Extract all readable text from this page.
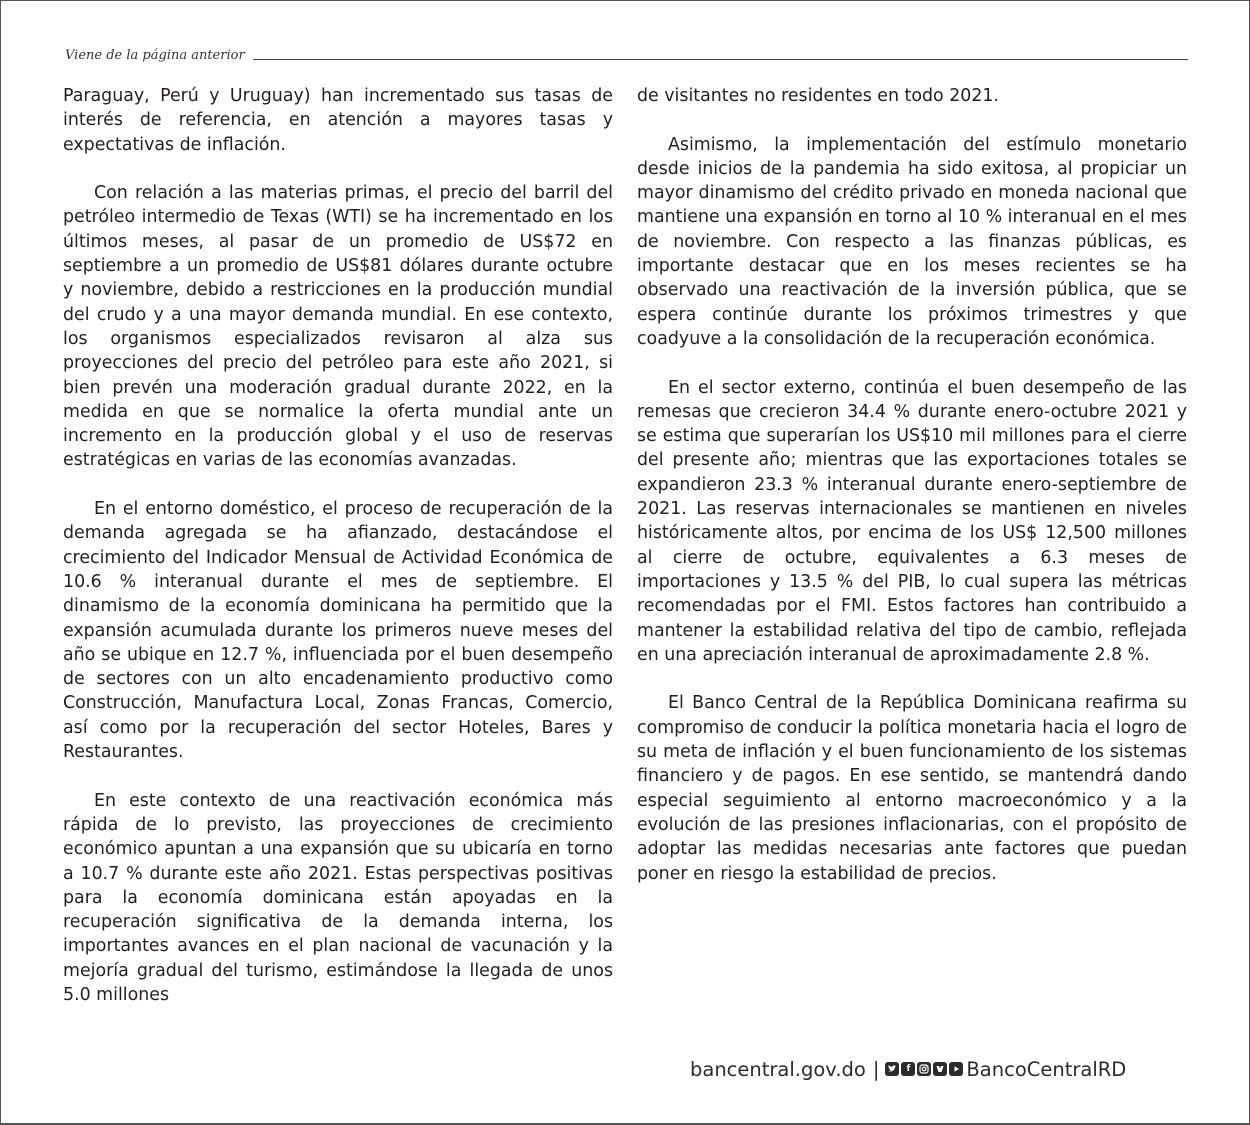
Viene de la página anterior

Paraguay, Perú y Uruguay) han incrementado sus tasas de interés de referencia, en atención a mayores tasas y expectativas de inflación.

Con relación a las materias primas, el precio del barril del petróleo intermedio de Texas (WTI) se ha incrementado en los últimos meses, al pasar de un promedio de US$72 en septiembre a un promedio de US$81 dólares durante octubre y noviembre, debido a restricciones en la producción mundial del crudo y a una mayor demanda mundial. En ese contexto, los organismos especializados revisaron al alza sus proyecciones del precio del petróleo para este año 2021, si bien prevén una moderación gradual durante 2022, en la medida en que se normalice la oferta mundial ante un incremento en la producción global y el uso de reservas estratégicas en varias de las economías avanzadas.

En el entorno doméstico, el proceso de recuperación de la demanda agregada se ha afianzado, destacándose el crecimiento del Indicador Mensual de Actividad Económica de 10.6 % interanual durante el mes de septiembre. El dinamismo de la economía dominicana ha permitido que la expansión acumulada durante los primeros nueve meses del año se ubique en 12.7 %, influenciada por el buen desempeño de sectores con un alto encadenamiento productivo como Construcción, Manufactura Local, Zonas Francas, Comercio, así como por la recuperación del sector Hoteles, Bares y Restaurantes.

En este contexto de una reactivación económica más rápida de lo previsto, las proyecciones de crecimiento económico apuntan a una expansión que su ubicaría en torno a 10.7 % durante este año 2021. Estas perspectivas positivas para la economía dominicana están apoyadas en la recuperación significativa de la demanda interna, los importantes avances en el plan nacional de vacunación y la mejoría gradual del turismo, estimándose la llegada de unos 5.0 millones

de visitantes no residentes en todo 2021.

Asimismo, la implementación del estímulo monetario desde inicios de la pandemia ha sido exitosa, al propiciar un mayor dinamismo del crédito privado en moneda nacional que mantiene una expansión en torno al 10 % interanual en el mes de noviembre. Con respecto a las finanzas públicas, es importante destacar que en los meses recientes se ha observado una reactivación de la inversión pública, que se espera continúe durante los próximos trimestres y que coadyuve a la consolidación de la recuperación económica.

En el sector externo, continúa el buen desempeño de las remesas que crecieron 34.4 % durante enero-octubre 2021 y se estima que superarían los US$10 mil millones para el cierre del presente año; mientras que las exportaciones totales se expandieron 23.3 % interanual durante enero-septiembre de 2021. Las reservas internacionales se mantienen en niveles históricamente altos, por encima de los US$ 12,500 millones al cierre de octubre, equivalentes a 6.3 meses de importaciones y 13.5 % del PIB, lo cual supera las métricas recomendadas por el FMI. Estos factores han contribuido a mantener la estabilidad relativa del tipo de cambio, reflejada en una apreciación interanual de aproximadamente 2.8 %.

El Banco Central de la República Dominicana reafirma su compromiso de conducir la política monetaria hacia el logro de su meta de inflación y el buen funcionamiento de los sistemas financiero y de pagos. En ese sentido, se mantendrá dando especial seguimiento al entorno macroeconómico y a la evolución de las presiones inflacionarias, con el propósito de adoptar las medidas necesarias ante factores que puedan poner en riesgo la estabilidad de precios.

bancentral.gov.do |	f	BancoCentralRD
